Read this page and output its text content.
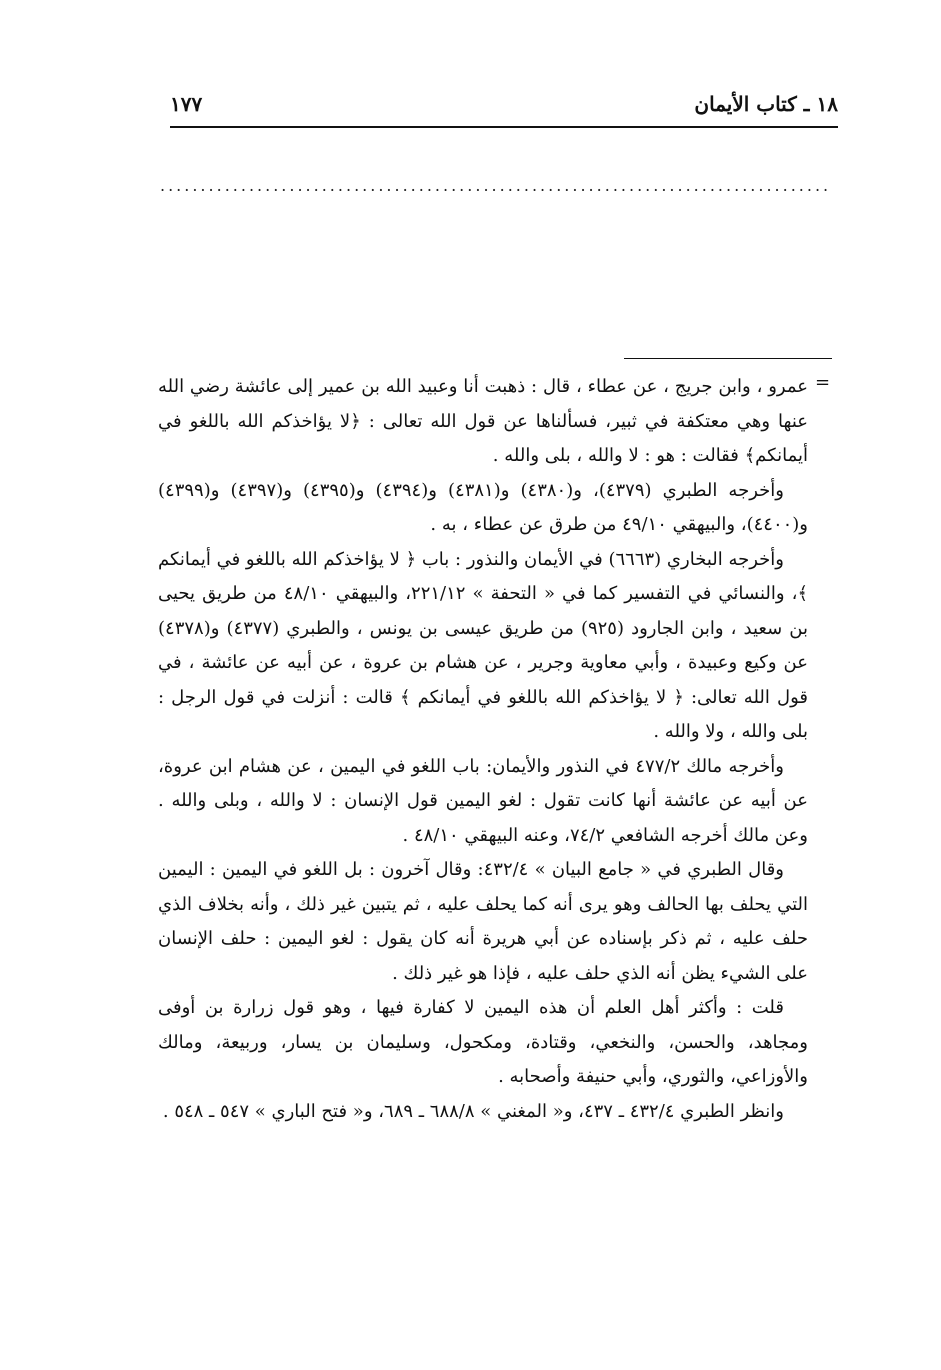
١٨ ـ كتاب الأيمان
١٧٧
...................................................................................
=

عمرو ، وابن جريج ، عن عطاء ، قال : ذهبت أنا وعبيد الله بن عمير إلى عائشة رضي الله عنها وهي معتكفة في ثبير، فسألناها عن قول الله تعالى : ﴿لا يؤاخذكم الله باللغو في أيمانكم﴾ فقالت : هو : لا والله ، بلى والله .

وأخرجه الطبري (٤٣٧٩)، و(٤٣٨٠) و(٤٣٨١) و(٤٣٩٤) و(٤٣٩٥) و(٤٣٩٧) و(٤٣٩٩) و(٤٤٠٠)، والبيهقي ٤٩/١٠ من طرق عن عطاء ، به .

وأخرجه البخاري (٦٦٦٣) في الأيمان والنذور : باب ﴿ لا يؤاخذكم الله باللغو في أيمانكم ﴾، والنسائي في التفسير كما في « التحفة » ٢٢١/١٢، والبيهقي ٤٨/١٠ من طريق يحيى بن سعيد ، وابن الجارود (٩٢٥) من طريق عيسى بن يونس ، والطبري (٤٣٧٧) و(٤٣٧٨) عن وكيع وعبيدة ، وأبي معاوية وجرير ، عن هشام بن عروة ، عن أبيه عن عائشة ، في قول الله تعالى: ﴿ لا يؤاخذكم الله باللغو في أيمانكم ﴾ قالت : أنزلت في قول الرجل : بلى والله ، ولا والله .

وأخرجه مالك ٤٧٧/٢ في النذور والأيمان: باب اللغو في اليمين ، عن هشام ابن عروة، عن أبيه عن عائشة أنها كانت تقول : لغو اليمين قول الإنسان : لا والله ، وبلى والله . وعن مالك أخرجه الشافعي ٧٤/٢، وعنه البيهقي ٤٨/١٠ .

وقال الطبري في « جامع البيان » ٤٣٢/٤: وقال آخرون : بل اللغو في اليمين : اليمين التي يحلف بها الحالف وهو يرى أنه كما يحلف عليه ، ثم يتبين غير ذلك ، وأنه بخلاف الذي حلف عليه ، ثم ذكر بإسناده عن أبي هريرة أنه كان يقول : لغو اليمين : حلف الإنسان على الشيء يظن أنه الذي حلف عليه ، فإذا هو غير ذلك .

قلت : وأكثر أهل العلم أن هذه اليمين لا كفارة فيها ، وهو قول زرارة بن أوفى ومجاهد، والحسن، والنخعي، وقتادة، ومكحول، وسليمان بن يسار، وربيعة، ومالك والأوزاعي، والثوري، وأبي حنيفة وأصحابه .

وانظر الطبري ٤٣٢/٤ ـ ٤٣٧، و« المغني » ٦٨٨/٨ ـ ٦٨٩، و« فتح الباري » ٥٤٧ ـ ٥٤٨ .
